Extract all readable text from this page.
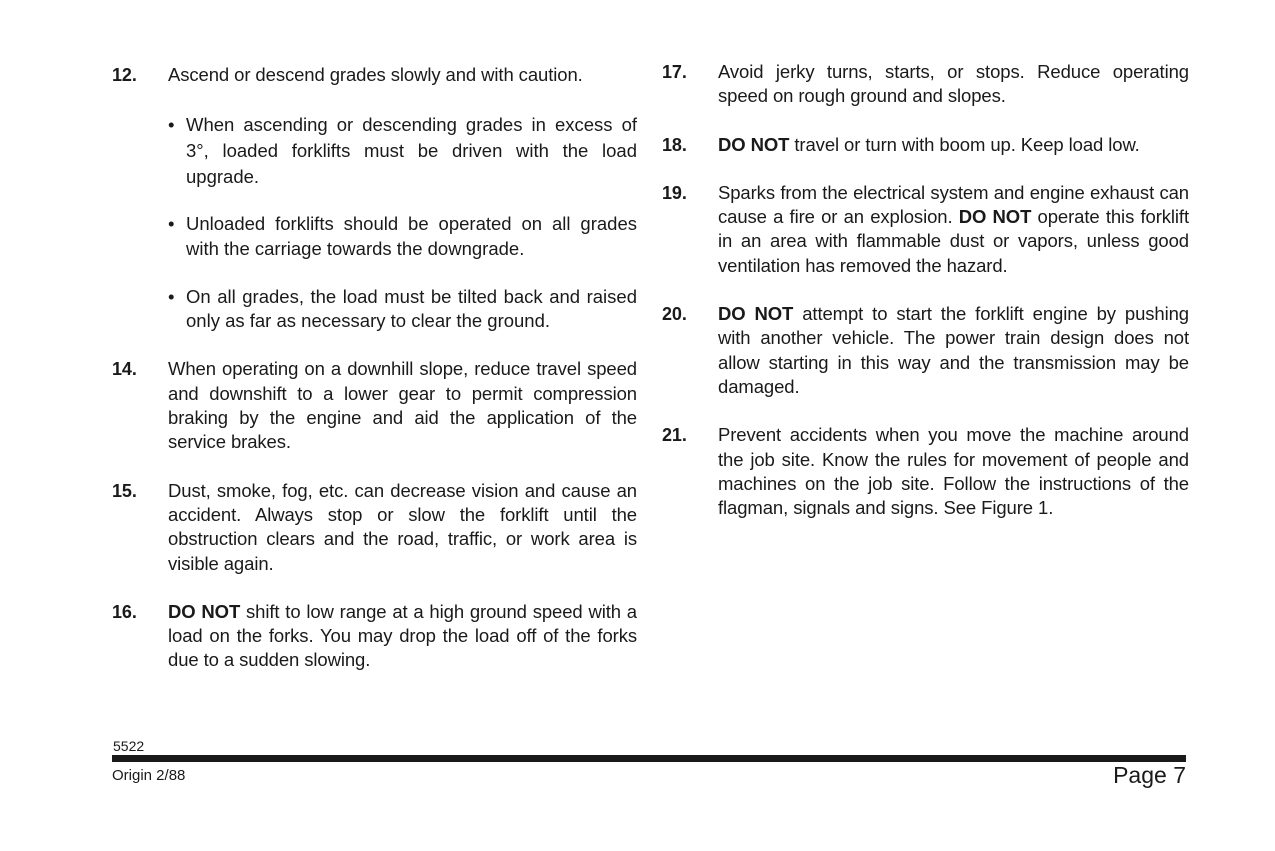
12. Ascend or descend grades slowly and with caution.
• When ascending or descending grades in excess of 3°, loaded forklifts must be driven with the load upgrade.
• Unloaded forklifts should be operated on all grades with the carriage towards the downgrade.
• On all grades, the load must be tilted back and raised only as far as necessary to clear the ground.
14. When operating on a downhill slope, reduce travel speed and downshift to a lower gear to permit compression braking by the engine and aid the application of the service brakes.
15. Dust, smoke, fog, etc. can decrease vision and cause an accident. Always stop or slow the forklift until the obstruction clears and the road, traffic, or work area is visible again.
16. DO NOT shift to low range at a high ground speed with a load on the forks. You may drop the load off of the forks due to a sudden slowing.
17. Avoid jerky turns, starts, or stops. Reduce operating speed on rough ground and slopes.
18. DO NOT travel or turn with boom up. Keep load low.
19. Sparks from the electrical system and engine exhaust can cause a fire or an explosion. DO NOT operate this forklift in an area with flammable dust or vapors, unless good ventilation has removed the hazard.
20. DO NOT attempt to start the forklift engine by pushing with another vehicle. The power train design does not allow starting in this way and the transmission may be damaged.
21. Prevent accidents when you move the machine around the job site. Know the rules for movement of people and machines on the job site. Follow the instructions of the flagman, signals and signs. See Figure 1.
5522
Origin 2/88	Page 7
